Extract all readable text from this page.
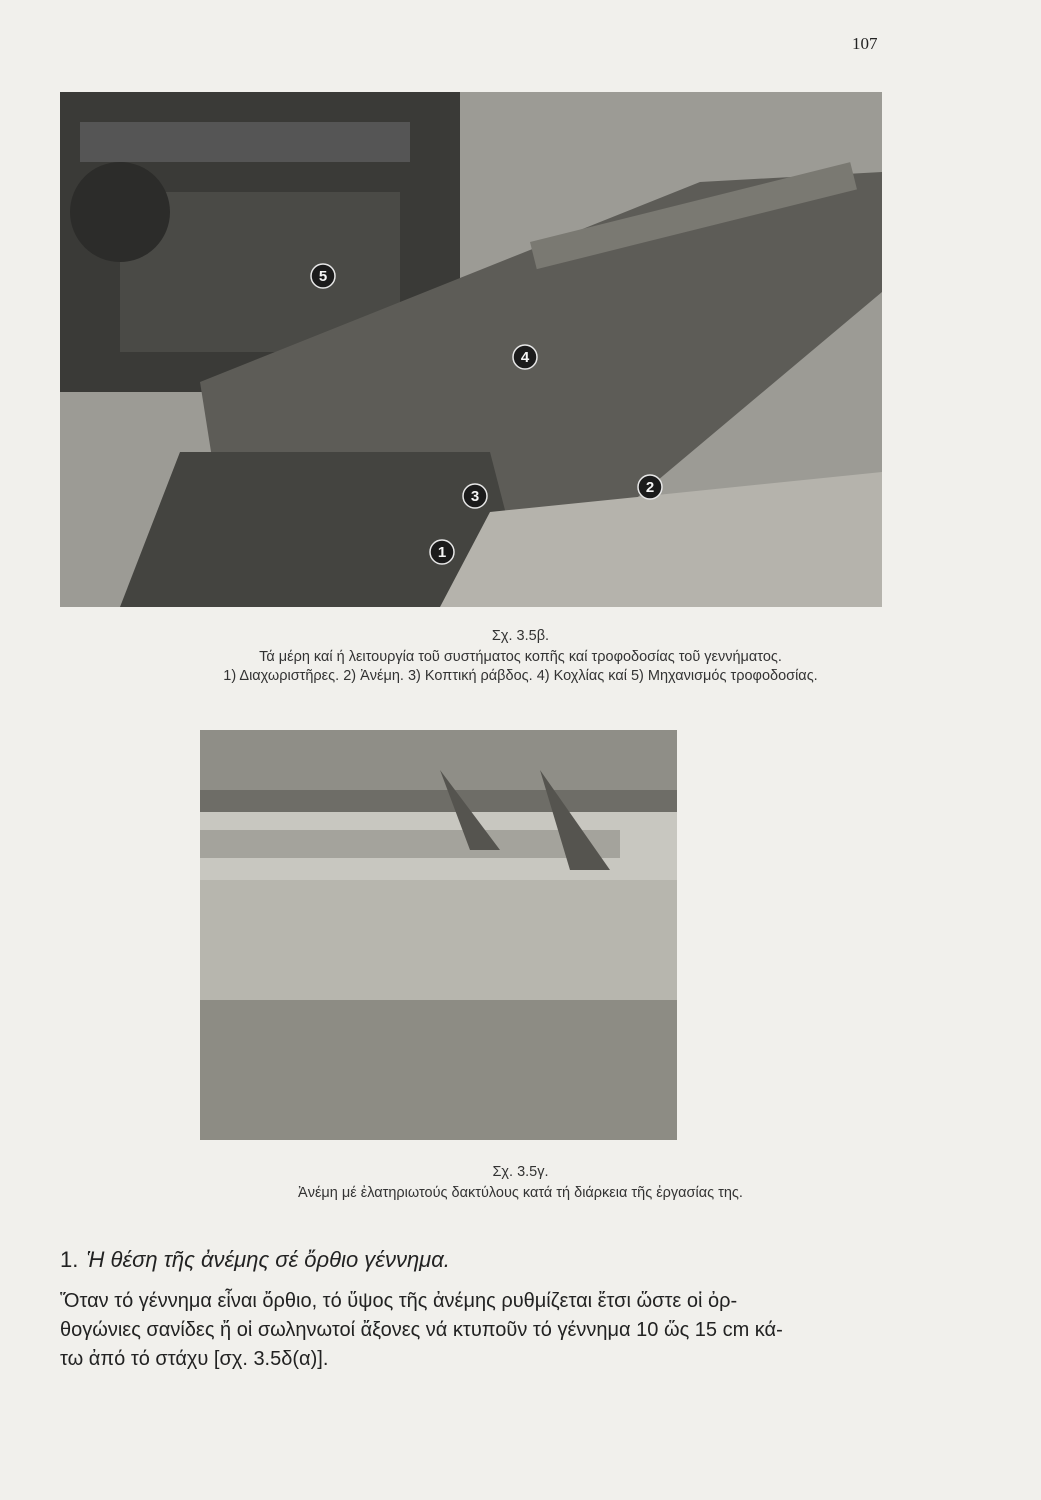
107
1
2
3
4
5
Σχ. 3.5β.
Τά μέρη καί ή λειτουργία τοῦ συστήματος κοπῆς καί τροφοδοσίας τοῦ γεννήματος.
1) Διαχωριστῆρες. 2) Ἀνέμη. 3) Κοπτική ράβδος. 4) Κοχλίας καί 5) Μηχανισμός τροφοδοσίας.
Σχ. 3.5γ.
Ἀνέμη μέ ἐλατηριωτούς δακτύλους κατά τή διάρκεια τῆς ἐργασίας της.
1. Ἡ θέση τῆς ἀνέμης σέ ὄρθιο γέννημα.
Ὅταν τό γέννημα εἶναι ὄρθιο, τό ὕψος τῆς ἀνέμης ρυθμίζεται ἔτσι ὥστε οἱ ὀρ-
θογώνιες σανίδες ἤ οἱ σωληνωτοί ἄξονες νά κτυποῦν τό γέννημα 10 ὥς 15 cm κά-
τω ἀπό τό στάχυ [σχ. 3.5δ(α)].
